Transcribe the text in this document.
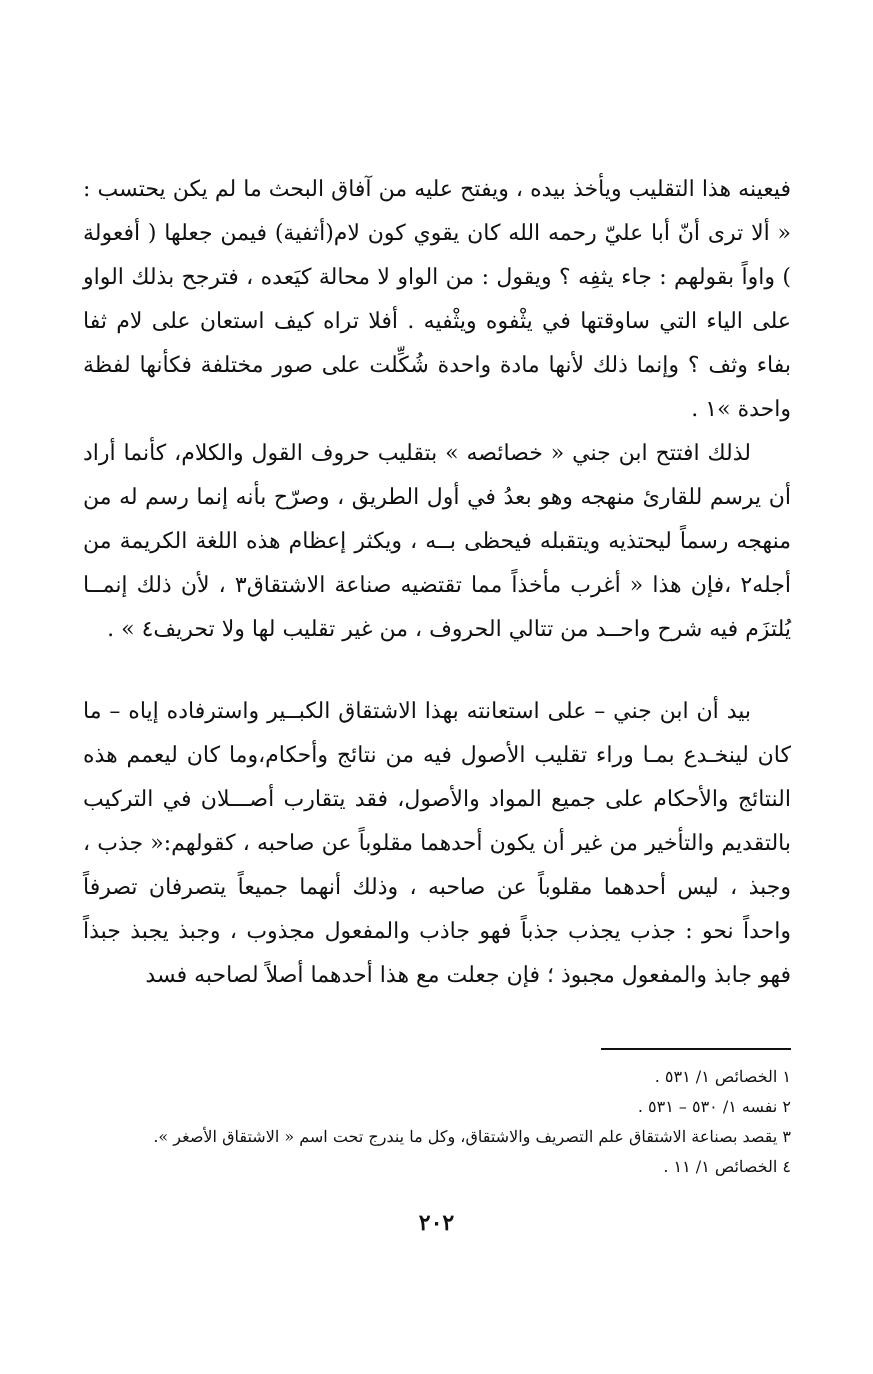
فيعينه هذا التقليب ويأخذ بيده ، ويفتح عليه من آفاق البحث ما لم يكن يحتسب : « ألا ترى أنّ أبا عليّ رحمه الله كان يقوي كون لام(أثفية) فيمن جعلها ( أفعولة ) واواً بقولهم : جاء يثفِه ؟ ويقول : من الواو لا محالة كيَعده ، فترجح بذلك الواو على الياء التي ساوقتها في يثْفوه ويثْفيه . أفلا تراه كيف استعان على لام ثفا بفاء وثف ؟ وإنما ذلك لأنها مادة واحدة شُكِّلت على صور مختلفة فكأنها لفظة واحدة »١ .

لذلك افتتح ابن جني « خصائصه » بتقليب حروف القول والكلام، كأنما أراد أن يرسم للقارئ منهجه وهو بعدُ في أول الطريق ، وصرّح بأنه إنما رسم له من منهجه رسماً ليحتذيه ويتقبله فيحظى بــه ، ويكثر إعظام هذه اللغة الكريمة من أجله٢ ،فإن هذا « أغرب مأخذاً مما تقتضيه صناعة الاشتقاق٣ ، لأن ذلك إنمــا يُلتزَم فيه شرح واحــد من تتالي الحروف ، من غير تقليب لها ولا تحريف٤ » .

بيد أن ابن جني – على استعانته بهذا الاشتقاق الكبــير واسترفاده إياه – ما كان لينخـدع بمـا وراء تقليب الأصول فيه من نتائج وأحكام،وما كان ليعمم هذه النتائج والأحكام على جميع المواد والأصول، فقد يتقارب أصـــلان في التركيب بالتقديم والتأخير من غير أن يكون أحدهما مقلوباً عن صاحبه ، كقولهم:« جذب ، وجبذ ، ليس أحدهما مقلوباً عن صاحبه ، وذلك أنهما جميعاً يتصرفان تصرفاً واحداً نحو : جذب يجذب جذباً فهو جاذب والمفعول مجذوب ، وجبذ يجبذ جبذاً فهو جابذ والمفعول مجبوذ ؛ فإن جعلت مع هذا أحدهما أصلاً لصاحبه فسد

١ الخصائص ١/ ٥٣١ .
٢ نفسه ١/ ٥٣٠ – ٥٣١ .
٣ يقصد بصناعة الاشتقاق علم التصريف والاشتقاق، وكل ما يندرج تحت اسم « الاشتقاق الأصغر ».
٤ الخصائص ١/ ١١ .
٢٠٢
